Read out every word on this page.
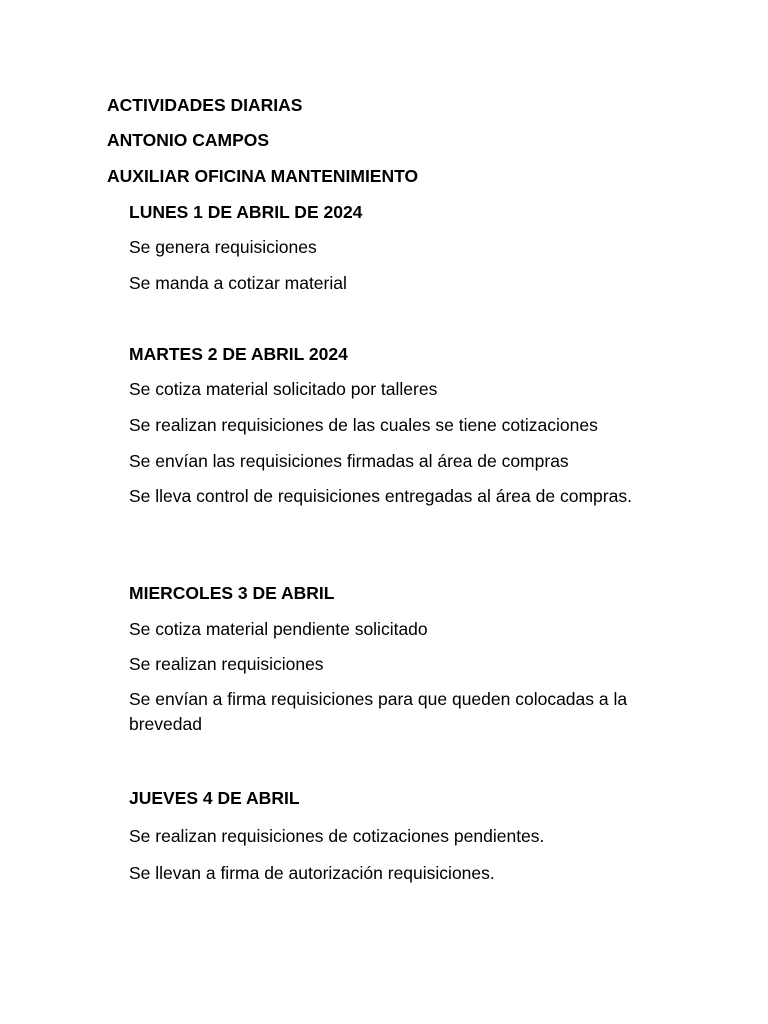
ACTIVIDADES DIARIAS
ANTONIO CAMPOS
AUXILIAR OFICINA MANTENIMIENTO
LUNES 1 DE ABRIL DE 2024
Se genera requisiciones
Se manda a cotizar material
MARTES 2 DE ABRIL 2024
Se cotiza material solicitado por talleres
Se realizan requisiciones de las cuales se tiene cotizaciones
Se envían las requisiciones firmadas al área de compras
Se lleva control de requisiciones entregadas al área de compras.
MIERCOLES 3 DE ABRIL
Se cotiza material pendiente solicitado
Se realizan requisiciones
Se envían a firma requisiciones para que queden colocadas a la brevedad
JUEVES 4 DE ABRIL
Se realizan requisiciones de cotizaciones pendientes.
Se llevan a firma de autorización requisiciones.
